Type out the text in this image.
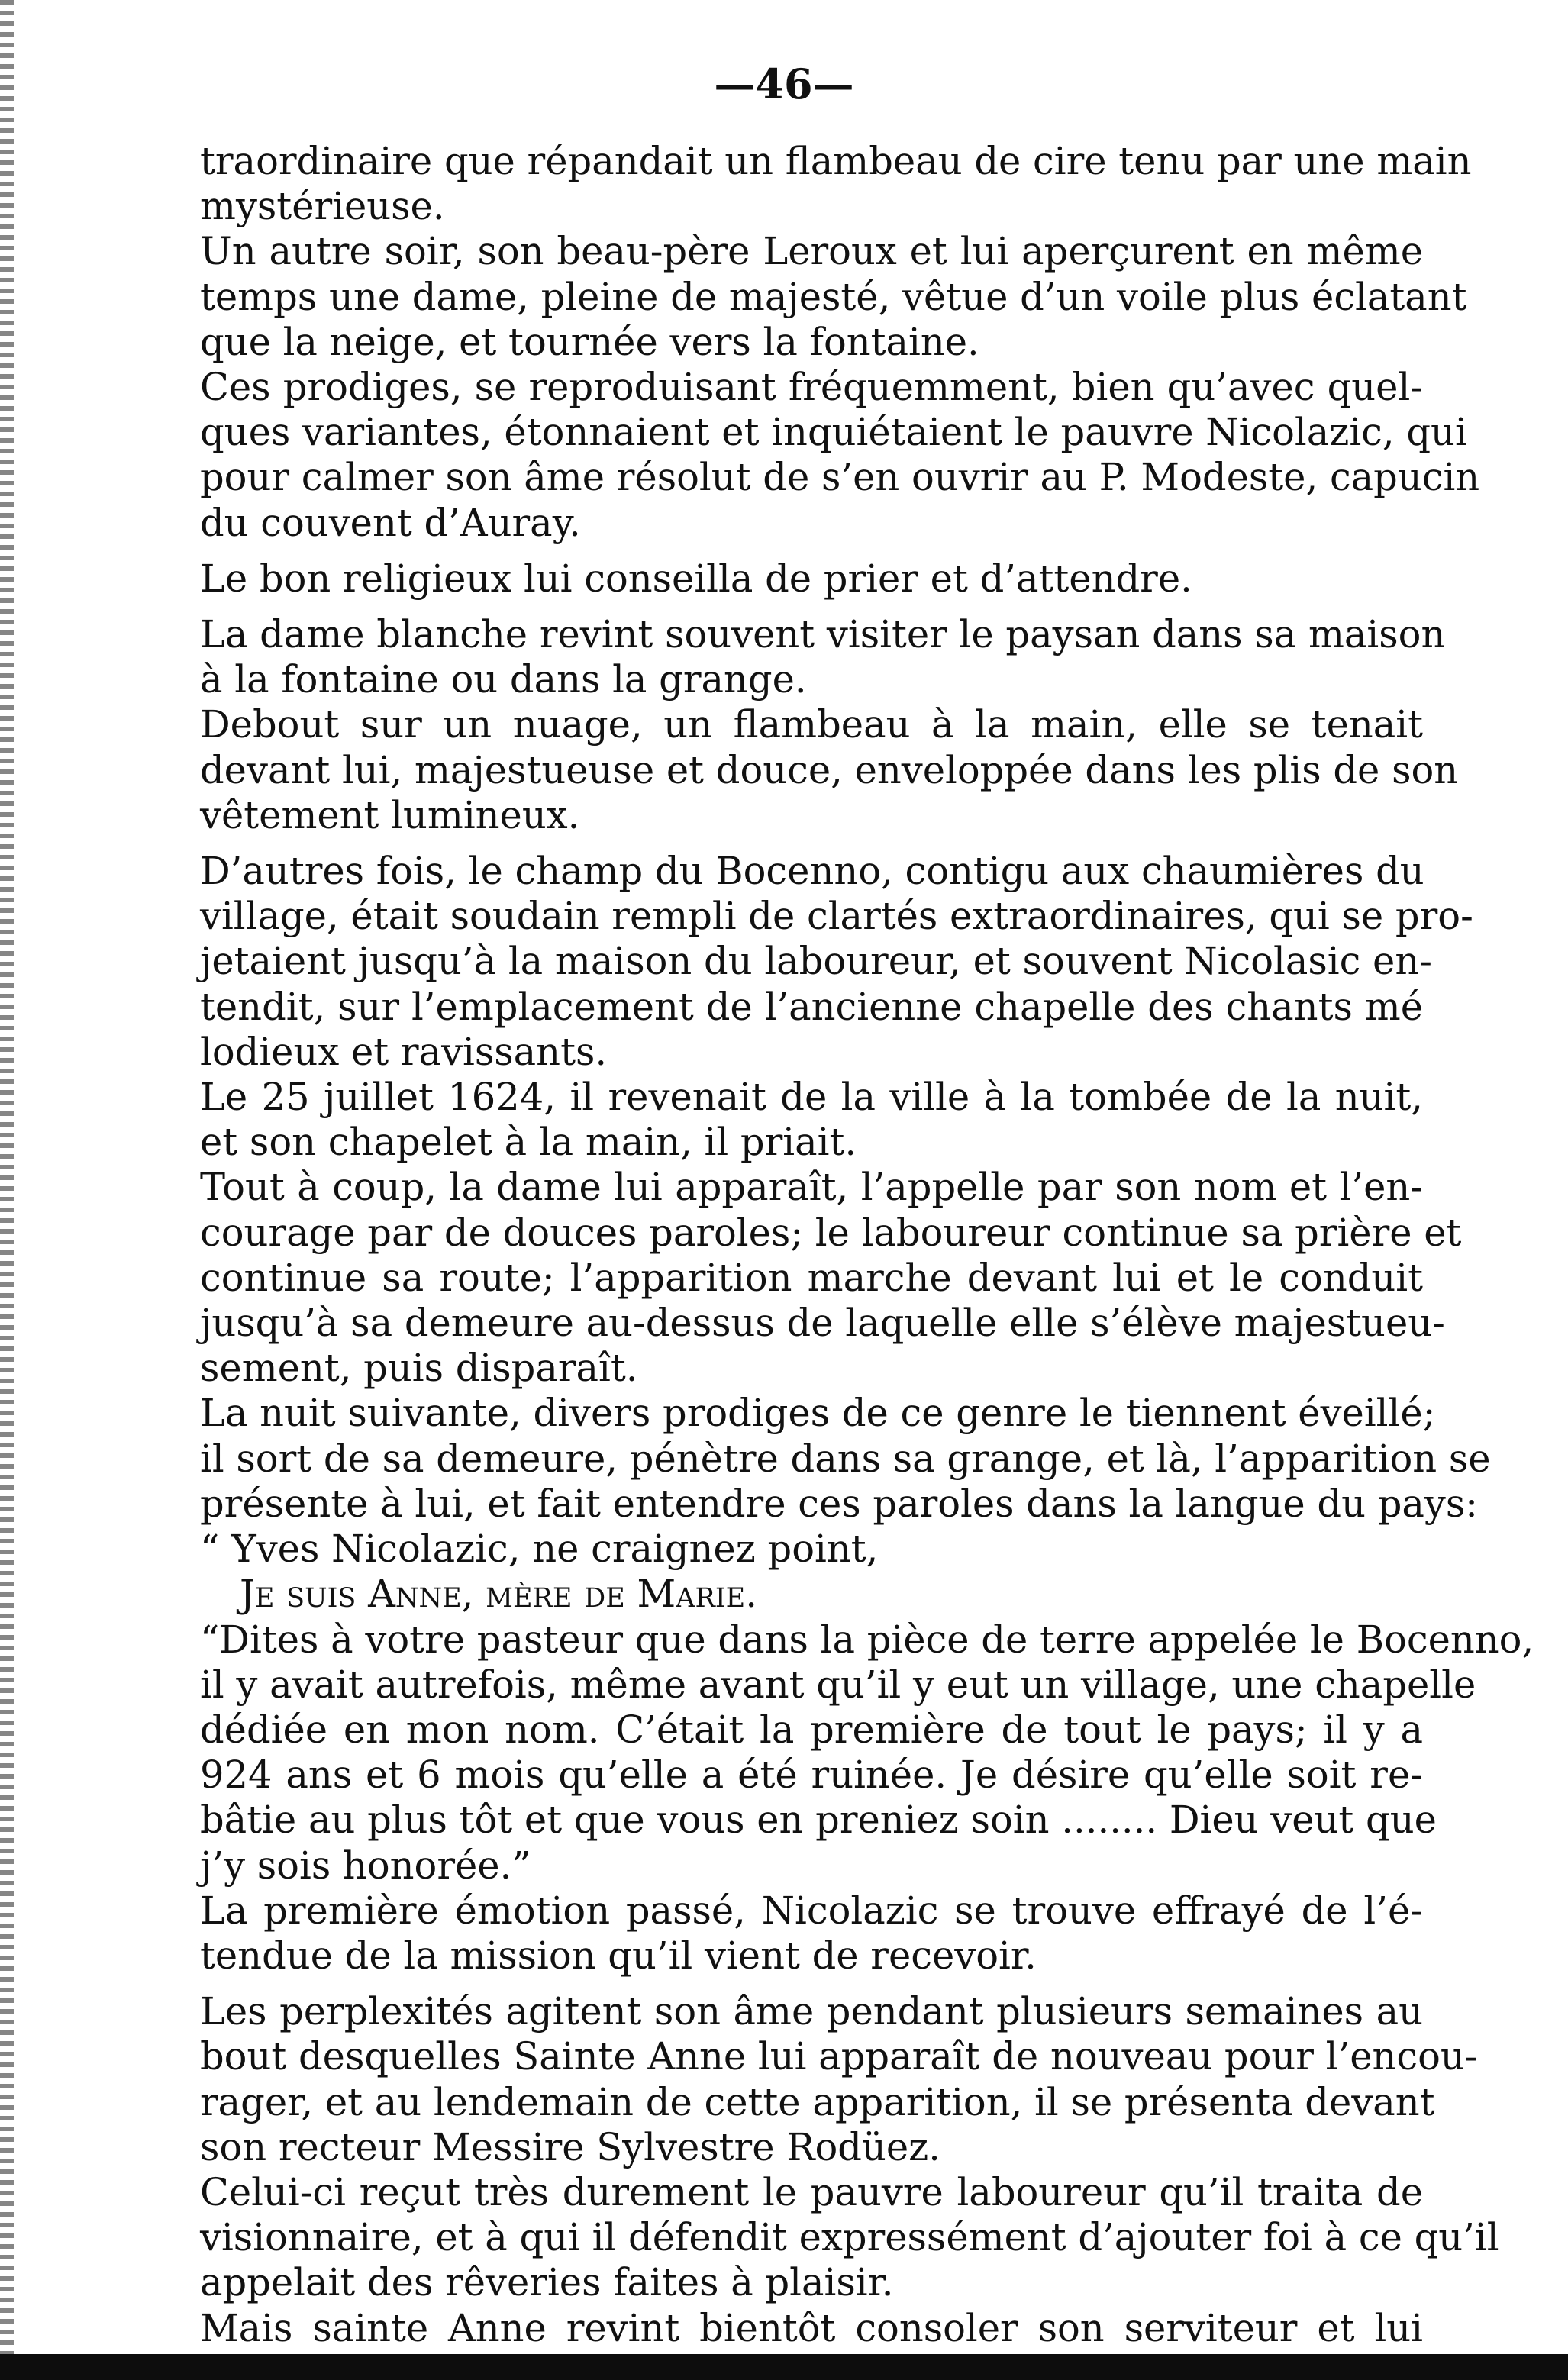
—46—
traordinaire que répandait un flambeau de cire tenu par une main
mystérieuse.
Un autre soir, son beau-père Leroux et lui aperçurent en même
temps une dame, pleine de majesté, vêtue d’un voile plus éclatant
que la neige, et tournée vers la fontaine.
Ces prodiges, se reproduisant fréquemment, bien qu’avec quel-
ques variantes, étonnaient et inquiétaient le pauvre Nicolazic, qui
pour calmer son âme résolut de s’en ouvrir au P. Modeste, capucin
du couvent d’Auray.
Le bon religieux lui conseilla de prier et d’attendre.
La dame blanche revint souvent visiter le paysan dans sa maison
à la fontaine ou dans la grange.
Debout sur un nuage, un flambeau à la main, elle se tenait
devant lui, majestueuse et douce, enveloppée dans les plis de son
vêtement lumineux.
D’autres fois, le champ du Bocenno, contigu aux chaumières du
village, était soudain rempli de clartés extraordinaires, qui se pro-
jetaient jusqu’à la maison du laboureur, et souvent Nicolasic en-
tendit, sur l’emplacement de l’ancienne chapelle des chants mé
lodieux et ravissants.
Le 25 juillet 1624, il revenait de la ville à la tombée de la nuit,
et son chapelet à la main, il priait.
Tout à coup, la dame lui apparaît, l’appelle par son nom et l’en-
courage par de douces paroles; le laboureur continue sa prière et
continue sa route; l’apparition marche devant lui et le conduit
jusqu’à sa demeure au-dessus de laquelle elle s’élève majestueu-
sement, puis disparaît.
La nuit suivante, divers prodiges de ce genre le tiennent éveillé;
il sort de sa demeure, pénètre dans sa grange, et là, l’apparition se
présente à lui, et fait entendre ces paroles dans la langue du pays:
“ Yves Nicolazic, ne craignez point,
Je suis Anne, mère de Marie.
“Dites à votre pasteur que dans la pièce de terre appelée le Bocenno,
il y avait autrefois, même avant qu’il y eut un village, une chapelle
dédiée en mon nom. C’était la première de tout le pays; il y a
924 ans et 6 mois qu’elle a été ruinée. Je désire qu’elle soit re-
bâtie au plus tôt et que vous en preniez soin ........ Dieu veut que
j’y sois honorée.”
La première émotion passé, Nicolazic se trouve effrayé de l’é-
tendue de la mission qu’il vient de recevoir.
Les perplexités agitent son âme pendant plusieurs semaines au
bout desquelles Sainte Anne lui apparaît de nouveau pour l’encou-
rager, et au lendemain de cette apparition, il se présenta devant
son recteur Messire Sylvestre Rodüez.
Celui-ci reçut très durement le pauvre laboureur qu’il traita de
visionnaire, et à qui il défendit expressément d’ajouter foi à ce qu’il
appelait des rêveries faites à plaisir.
Mais sainte Anne revint bientôt consoler son serviteur et lui
